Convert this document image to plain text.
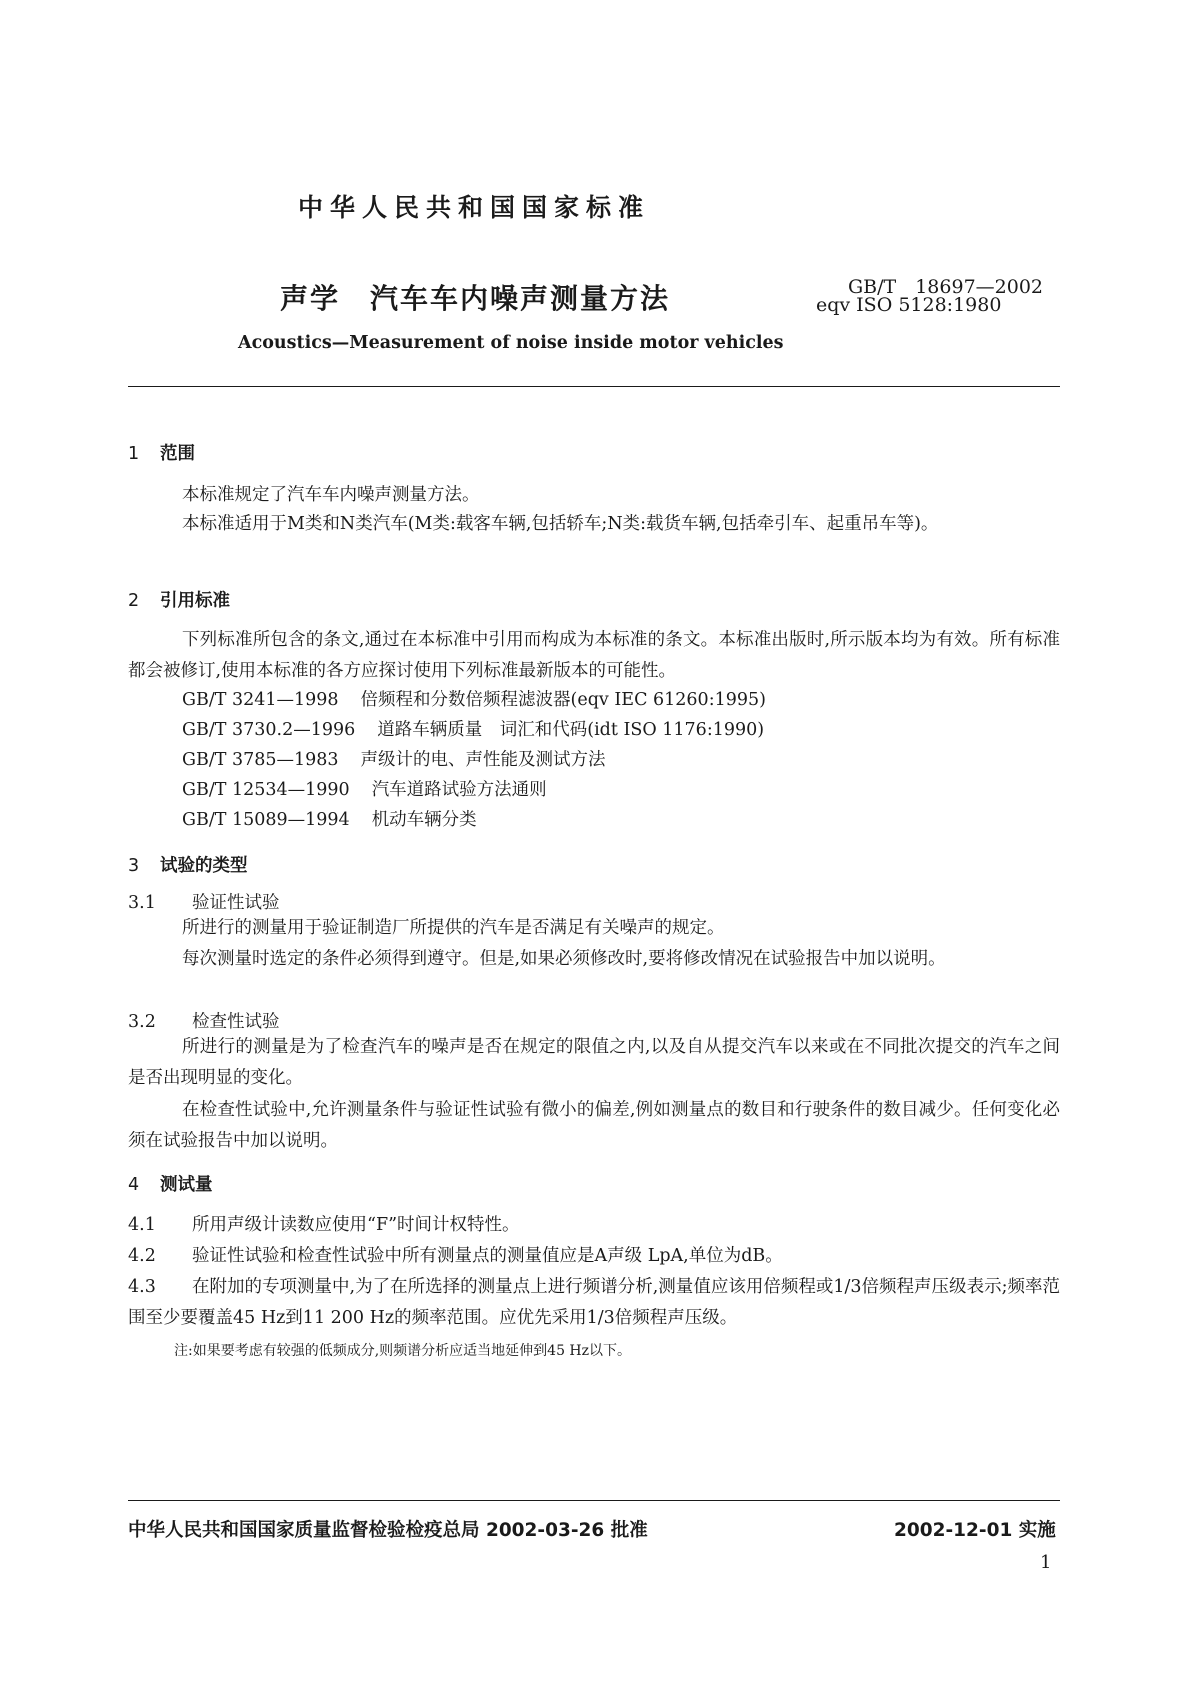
中华人民共和国国家标准
声学　汽车车内噪声测量方法	GB/T　18697—2002
eqv ISO 5128:1980
Acoustics—Measurement of noise inside motor vehicles
1 范围
本标准规定了汽车车内噪声测量方法。
本标准适用于M类和N类汽车(M类:载客车辆,包括轿车;N类:载货车辆,包括牵引车、起重吊车等)。
2 引用标准
下列标准所包含的条文,通过在本标准中引用而构成为本标准的条文。本标准出版时,所示版本均为有效。所有标准都会被修订,使用本标准的各方应探讨使用下列标准最新版本的可能性。
GB/T 3241—1998 倍频程和分数倍频程滤波器(eqv IEC 61260:1995)
GB/T 3730.2—1996 道路车辆质量　词汇和代码(idt ISO 1176:1990)
GB/T 3785—1983 声级计的电、声性能及测试方法
GB/T 12534—1990 汽车道路试验方法通则
GB/T 15089—1994 机动车辆分类
3 试验的类型
3.1 验证性试验
所进行的测量用于验证制造厂所提供的汽车是否满足有关噪声的规定。
每次测量时选定的条件必须得到遵守。但是,如果必须修改时,要将修改情况在试验报告中加以说明。
3.2 检查性试验
所进行的测量是为了检查汽车的噪声是否在规定的限值之内,以及自从提交汽车以来或在不同批次提交的汽车之间是否出现明显的变化。
在检查性试验中,允许测量条件与验证性试验有微小的偏差,例如测量点的数目和行驶条件的数目减少。任何变化必须在试验报告中加以说明。
4 测试量
4.1 所用声级计读数应使用“F”时间计权特性。
4.2 验证性试验和检查性试验中所有测量点的测量值应是A声级 LpA,单位为dB。
4.3 在附加的专项测量中,为了在所选择的测量点上进行频谱分析,测量值应该用倍频程或1/3倍频程声压级表示;频率范围至少要覆盖45 Hz到11 200 Hz的频率范围。应优先采用1/3倍频程声压级。
注:如果要考虑有较强的低频成分,则频谱分析应适当地延伸到45 Hz以下。
中华人民共和国国家质量监督检验检疫总局 2002-03-26 批准	2002-12-01 实施
1
